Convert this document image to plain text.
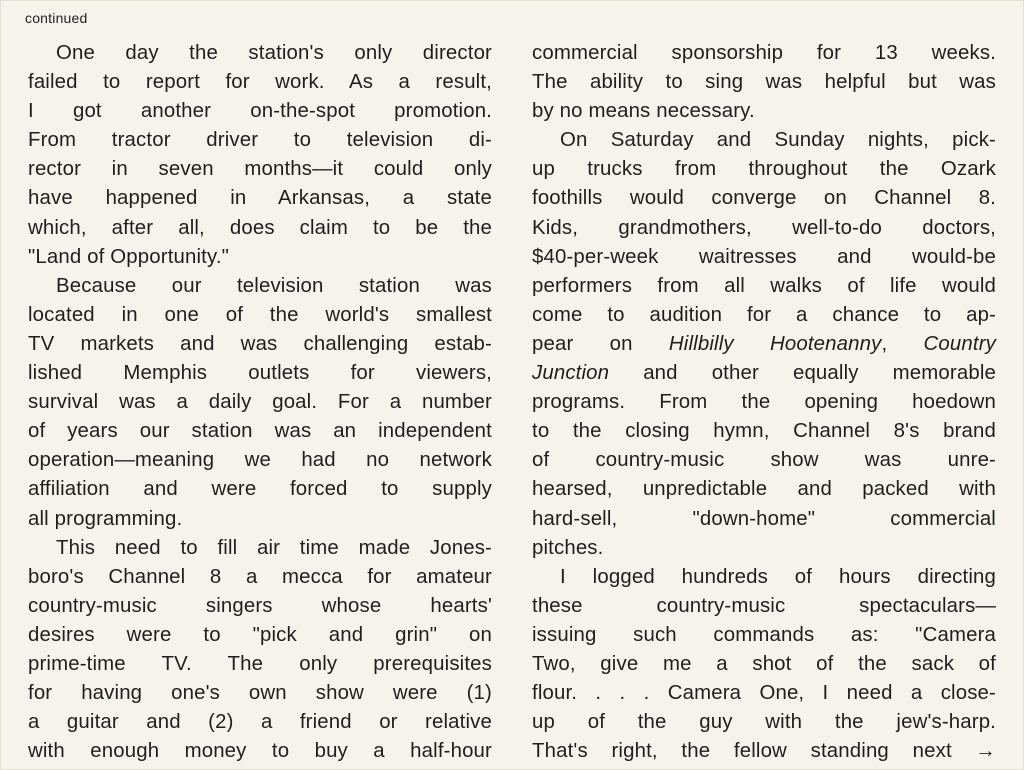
continued
One day the station's only director
failed to report for work. As a result,
I got another on-the-spot promotion.
From tractor driver to television di-
rector in seven months—it could only
have happened in Arkansas, a state
which, after all, does claim to be the
"Land of Opportunity."
Because our television station was
located in one of the world's smallest
TV markets and was challenging estab-
lished Memphis outlets for viewers,
survival was a daily goal. For a number
of years our station was an independent
operation—meaning we had no network
affiliation and were forced to supply
all programming.
This need to fill air time made Jones-
boro's Channel 8 a mecca for amateur
country-music singers whose hearts'
desires were to "pick and grin" on
prime-time TV. The only prerequisites
for having one's own show were (1)
a guitar and (2) a friend or relative
with enough money to buy a half-hour
commercial sponsorship for 13 weeks.
The ability to sing was helpful but was
by no means necessary.
On Saturday and Sunday nights, pick-
up trucks from throughout the Ozark
foothills would converge on Channel 8.
Kids, grandmothers, well-to-do doctors,
$40-per-week waitresses and would-be
performers from all walks of life would
come to audition for a chance to ap-
pear on Hillbilly Hootenanny, Country
Junction and other equally memorable
programs. From the opening hoedown
to the closing hymn, Channel 8's brand
of country-music show was unre-
hearsed, unpredictable and packed with
hard-sell, "down-home" commercial
pitches.
I logged hundreds of hours directing
these country-music spectaculars—
issuing such commands as: "Camera
Two, give me a shot of the sack of
flour. . . . Camera One, I need a close-
up of the guy with the jew's-harp.
That's right, the fellow standing next →
